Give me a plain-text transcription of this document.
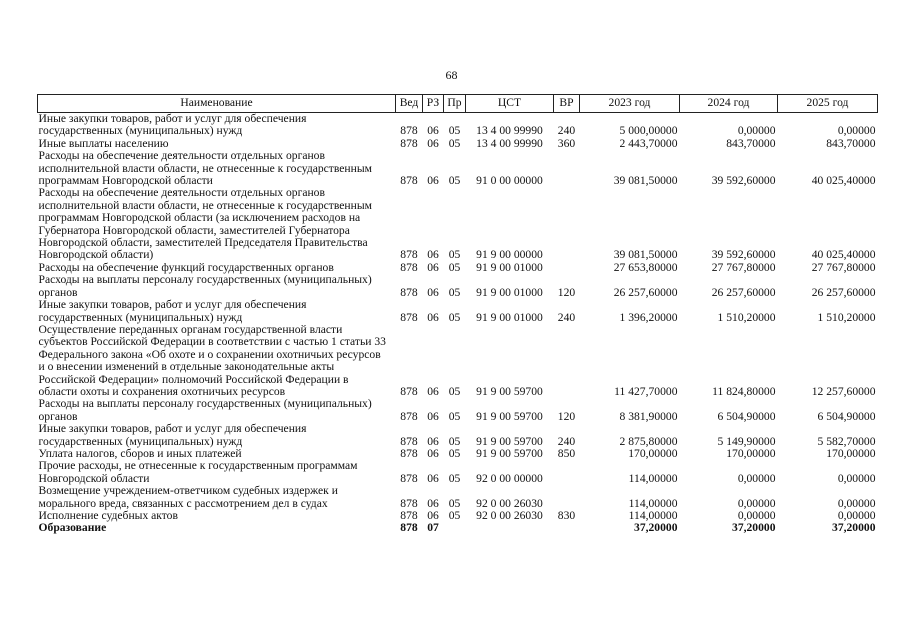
68
Наименование	Вед	РЗ	Пр	ЦСТ	ВР	2023 год	2024 год	2025 год
Иные закупки товаров, работ и услуг для обеспечения государственных (муниципальных) нужд	878	06	05	13 4 00 99990	240	5 000,00000	0,00000	0,00000
Иные выплаты населению	878	06	05	13 4 00 99990	360	2 443,70000	843,70000	843,70000
Расходы на обеспечение деятельности отдельных органов исполнительной власти области, не отнесенные к государственным программам Новгородской области	878	06	05	91 0 00 00000		39 081,50000	39 592,60000	40 025,40000
Расходы на обеспечение деятельности отдельных органов исполнительной власти области, не отнесенные к государственным программам Новгородской области (за исключением расходов на Губернатора Новгородской области, заместителей Губернатора Новгородской области, заместителей Председателя Правительства Новгородской области)	878	06	05	91 9 00 00000		39 081,50000	39 592,60000	40 025,40000
Расходы на обеспечение функций государственных органов	878	06	05	91 9 00 01000		27 653,80000	27 767,80000	27 767,80000
Расходы на выплаты персоналу государственных (муниципальных) органов	878	06	05	91 9 00 01000	120	26 257,60000	26 257,60000	26 257,60000
Иные закупки товаров, работ и услуг для обеспечения государственных (муниципальных) нужд	878	06	05	91 9 00 01000	240	1 396,20000	1 510,20000	1 510,20000
Осуществление переданных органам государственной власти субъектов Российской Федерации в соответствии с частью 1 статьи 33 Федерального закона «Об охоте и о сохранении охотничьих ресурсов и о внесении изменений в отдельные законодательные акты Российской Федерации» полномочий Российской Федерации в области охоты и сохранения охотничьих ресурсов	878	06	05	91 9 00 59700		11 427,70000	11 824,80000	12 257,60000
Расходы на выплаты персоналу государственных (муниципальных) органов	878	06	05	91 9 00 59700	120	8 381,90000	6 504,90000	6 504,90000
Иные закупки товаров, работ и услуг для обеспечения государственных (муниципальных) нужд	878	06	05	91 9 00 59700	240	2 875,80000	5 149,90000	5 582,70000
Уплата налогов, сборов и иных платежей	878	06	05	91 9 00 59700	850	170,00000	170,00000	170,00000
Прочие расходы, не отнесенные к государственным программам Новгородской области	878	06	05	92 0 00 00000		114,00000	0,00000	0,00000
Возмещение учреждением-ответчиком судебных издержек и морального вреда, связанных с рассмотрением дел в судах	878	06	05	92 0 00 26030		114,00000	0,00000	0,00000
Исполнение судебных актов	878	06	05	92 0 00 26030	830	114,00000	0,00000	0,00000
Образование	878	07				37,20000	37,20000	37,20000
